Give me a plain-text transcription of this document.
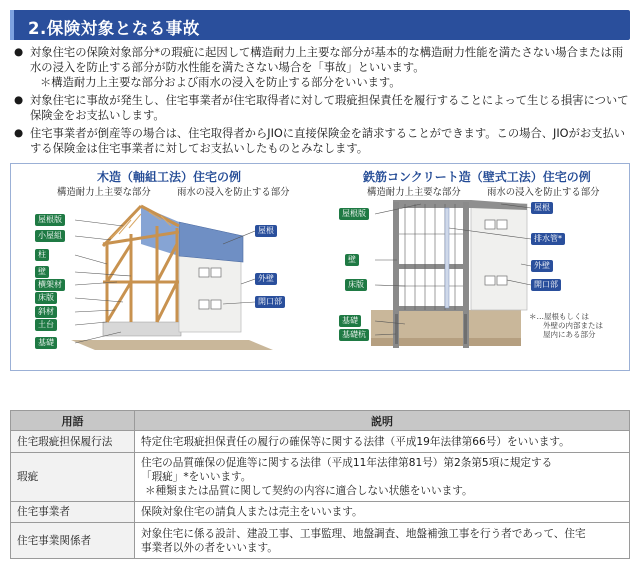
2.保険対象となる事故
● 対象住宅の保険対象部分*の瑕疵に起因して構造耐力上主要な部分が基本的な構造耐力性能を満たさない場合または雨水の浸入を防止する部分が防水性能を満たさない場合を「事故」といいます。
＊構造耐力上主要な部分および雨水の浸入を防止する部分をいいます。
● 対象住宅に事故が発生し、住宅事業者が住宅取得者に対して瑕疵担保責任を履行することによって生じる損害について保険金をお支払いします。
● 住宅事業者が倒産等の場合は、住宅取得者からJIOに直接保険金を請求することができます。この場合、JIOがお支払いする保険金は住宅事業者に対してお支払いしたものとみなします。
木造（軸組工法）住宅の例
構造耐力上主要な部分	雨水の浸入を防止する部分
屋根版
小屋組
柱
壁
横架材
床版
斜材
土台
基礎
屋根
外壁
開口部
鉄筋コンクリート造（壁式工法）住宅の例
構造耐力上主要な部分	雨水の浸入を防止する部分
屋根版
壁
床版
基礎
基礎杭
屋根
排水管*
外壁
開口部
＊…屋根もしくは
外壁の内部または
屋内にある部分
用語	説明
住宅瑕疵担保履行法	特定住宅瑕疵担保責任の履行の確保等に関する法律（平成19年法律第66号）をいいます。

瑕疵	住宅の品質確保の促進等に関する法律（平成11年法律第81号）第2条第5項に規定する
「瑕疵」*をいいます。
＊種類または品質に関して契約の内容に適合しない状態をいいます。

住宅事業者	保険対象住宅の請負人または売主をいいます。

住宅事業関係者	対象住宅に係る設計、建設工事、工事監理、地盤調査、地盤補強工事を行う者であって、住宅
事業者以外の者をいいます。
